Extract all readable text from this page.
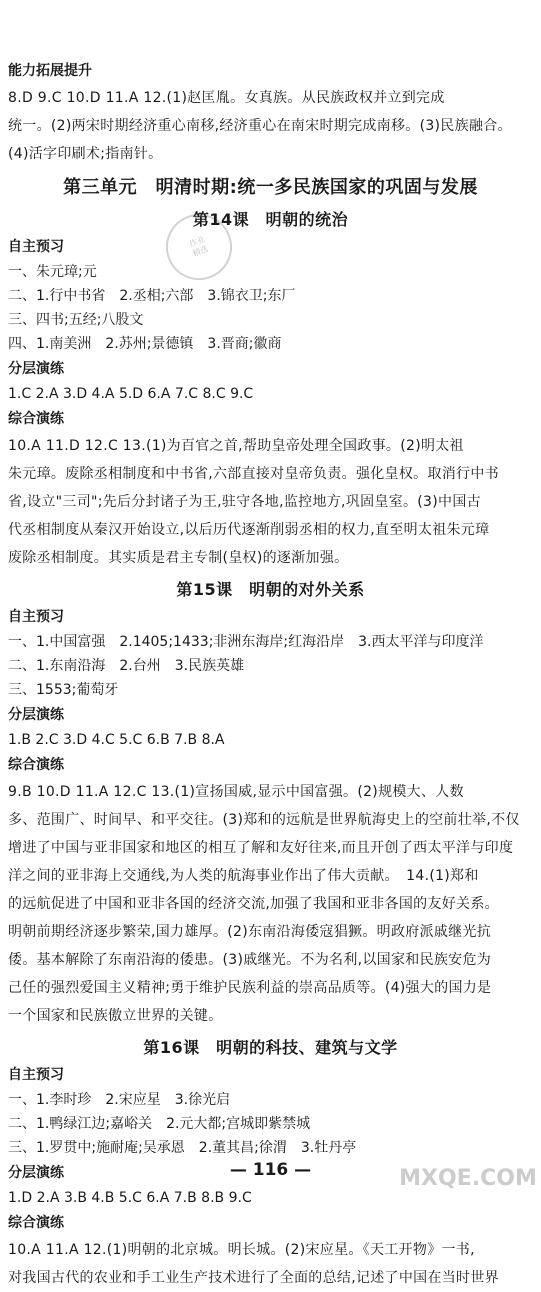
作业
精选
能力拓展提升
8.D 9.C 10.D 11.A 12.(1)赵匡胤。女真族。从民族政权并立到完成
统一。(2)两宋时期经济重心南移,经济重心在南宋时期完成南移。(3)民族融合。
(4)活字印刷术;指南针。
第三单元　明清时期:统一多民族国家的巩固与发展
第14课　明朝的统治
自主预习
一、朱元璋;元
二、1.行中书省　2.丞相;六部　3.锦衣卫;东厂
三、四书;五经;八股文
四、1.南美洲　2.苏州;景德镇　3.晋商;徽商
分层演练
1.C 2.A 3.D 4.A 5.D 6.A 7.C 8.C 9.C
综合演练
10.A 11.D 12.C 13.(1)为百官之首,帮助皇帝处理全国政事。(2)明太祖
朱元璋。废除丞相制度和中书省,六部直接对皇帝负责。强化皇权。取消行中书
省,设立"三司";先后分封诸子为王,驻守各地,监控地方,巩固皇室。(3)中国古
代丞相制度从秦汉开始设立,以后历代逐渐削弱丞相的权力,直至明太祖朱元璋
废除丞相制度。其实质是君主专制(皇权)的逐渐加强。
第15课　明朝的对外关系
自主预习
一、1.中国富强　2.1405;1433;非洲东海岸;红海沿岸　3.西太平洋与印度洋
二、1.东南沿海　2.台州　3.民族英雄
三、1553;葡萄牙
分层演练
1.B 2.C 3.D 4.C 5.C 6.B 7.B 8.A
综合演练
9.B 10.D 11.A 12.C 13.(1)宣扬国威,显示中国富强。(2)规模大、人数
多、范围广、时间早、和平交往。(3)郑和的远航是世界航海史上的空前壮举,不仅
增进了中国与亚非国家和地区的相互了解和友好往来,而且开创了西太平洋与印度
洋之间的亚非海上交通线,为人类的航海事业作出了伟大贡献。　14.(1)郑和
的远航促进了中国和亚非各国的经济交流,加强了我国和亚非各国的友好关系。
明朝前期经济逐步繁荣,国力雄厚。(2)东南沿海倭寇猖獗。明政府派戚继光抗
倭。基本解除了东南沿海的倭患。(3)戚继光。不为名利,以国家和民族安危为
己任的强烈爱国主义精神;勇于维护民族利益的崇高品质等。(4)强大的国力是
一个国家和民族傲立世界的关键。
第16课　明朝的科技、建筑与文学
自主预习
一、1.李时珍　2.宋应星　3.徐光启
二、1.鸭绿江边;嘉峪关　2.元大都;宫城即紫禁城
三、1.罗贯中;施耐庵;吴承恩　2.董其昌;徐渭　3.牡丹亭
分层演练
1.D 2.A 3.B 4.B 5.C 6.A 7.B 8.B 9.C
综合演练
10.A 11.A 12.(1)明朝的北京城。明长城。(2)宋应星。《天工开物》一书,
对我国古代的农业和手工业生产技术进行了全面的总结,记述了中国在当时世界
— 116 —	MXQE.COM
